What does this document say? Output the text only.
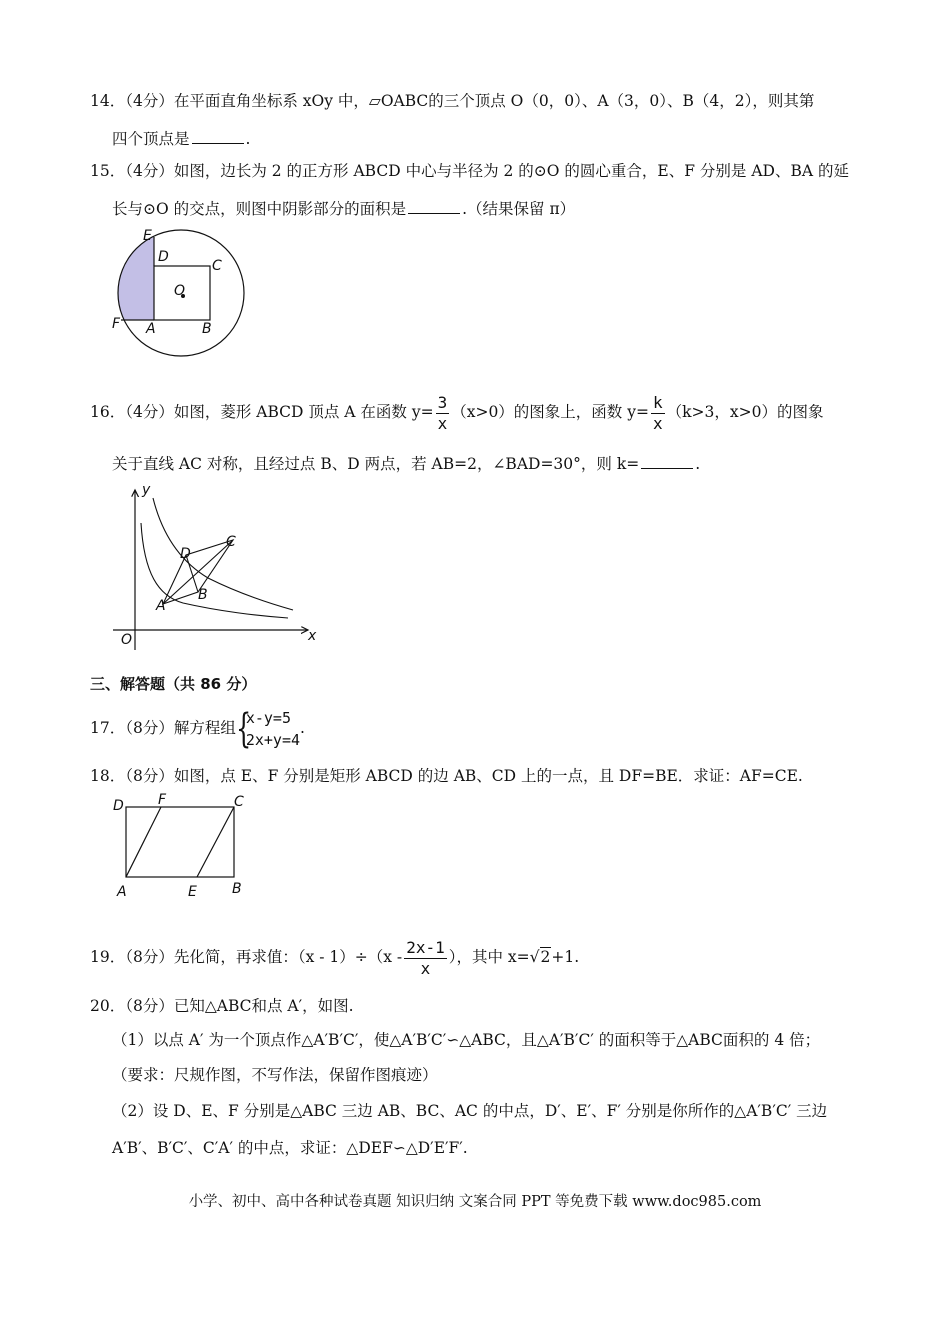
14．（4分）在平面直角坐标系 xOy 中，▱OABC的三个顶点 O（0，0）、A（3，0）、B（4，2），则其第
四个顶点是	.
15．（4分）如图，边长为 2 的正方形 ABCD 中心与半径为 2 的⊙O 的圆心重合，E、F 分别是 AD、BA 的延
长与⊙O 的交点，则图中阴影部分的面积是	.（结果保留 π）
E
D
C
O
F A	B
16．（4分）如图，菱形 ABCD 顶点 A 在函数 $y= \frac{3}{x} (x>0)$的图象上，函数 $y= \frac{k}{x} (k>3$，x>0）的图象
关于直线 AC 对称，且经过点 B、D 两点，若 AB=2，∠BAD=30°，则 k=	.
y
D
C
B
A
O	x
三、解答题（共 86 分）
17．（8分）解方程组 {
x-y=5
2x+y=4
.
18．（8分）如图，点 E、F 分别是矩形 ABCD 的边 AB、CD 上的一点，且 DF=BE．求证：AF=CE.
D F	C
A	E	B
19．（8分）先化简，再求值：$(x - 1)\div(x - \frac{2x-1}{x}$ ），其中 x=√2+1.
20．（8分）已知△ABC和点 A′，如图.
（1）以点 A′ 为一个顶点作△A′B′C′，使△A′B′C′∽△ABC，且△A′B′C′ 的面积等于△ABC面积的 4 倍；
（要求：尺规作图，不写作法，保留作图痕迹）
（2）设 D、E、F 分别是△ABC 三边 AB、BC、AC 的中点，D′、E′、F′ 分别是你所作的△A′B′C′ 三边
A′B′、B′C′、C′A′ 的中点，求证：△DEF∽△D′E′F′.
小学、初中、高中各种试卷真题 知识归纳 文案合同 PPT 等免费下载 www.doc985.com
